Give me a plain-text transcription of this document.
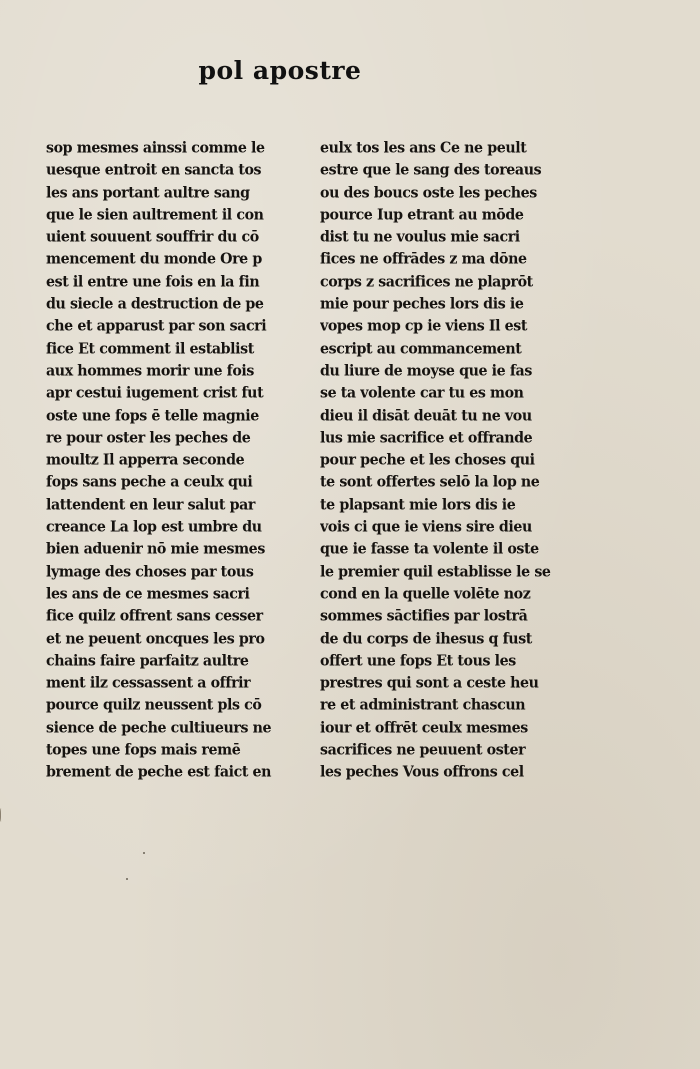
pol apostre
sop mesmes ainssi comme le
uesque entroit en sancta tos
les ans portant aultre sang
que le sien aultrement il con
uient souuent souffrir du cō
mencement du monde Ore p
est il entre une fois en la fin
du siecle a destruction de pe
che et apparust par son sacri
fice Et comment il establist
aux hommes morir une fois
apr cestui iugement crist fut
oste une fops ē telle magnie
re pour oster les peches de
moultz Il apperra seconde
fops sans peche a ceulx qui
lattendent en leur salut par
creance La lop est umbre du
bien aduenir nō mie mesmes
lymage des choses par tous
les ans de ce mesmes sacri
fice quilz offrent sans cesser
et ne peuent oncques les pro
chains faire parfaitz aultre
ment ilz cessassent a offrir
pource quilz neussent pls cō
sience de peche cultiueurs ne
topes une fops mais remē
brement de peche est faict en
eulx tos les ans Ce ne peult
estre que le sang des toreaus
ou des boucs oste les peches
pource Iup etrant au mōde
dist tu ne voulus mie sacri
fices ne offrādes z ma dōne
corps z sacrifices ne plaprōt
mie pour peches lors dis ie
vopes mop cp ie viens Il est
escript au commancement
du liure de moyse que ie fas
se ta volente car tu es mon
dieu il disāt deuāt tu ne vou
lus mie sacrifice et offrande
pour peche et les choses qui
te sont offertes selō la lop ne
te plapsant mie lors dis ie
vois ci que ie viens sire dieu
que ie fasse ta volente il oste
le premier quil establisse le se
cond en la quelle volēte noz
sommes sāctifies par lostrā
de du corps de ihesus q fust
offert une fops Et tous les
prestres qui sont a ceste heu
re et administrant chascun
iour et offrēt ceulx mesmes
sacrifices ne peuuent oster
les peches Vous offrons cel
